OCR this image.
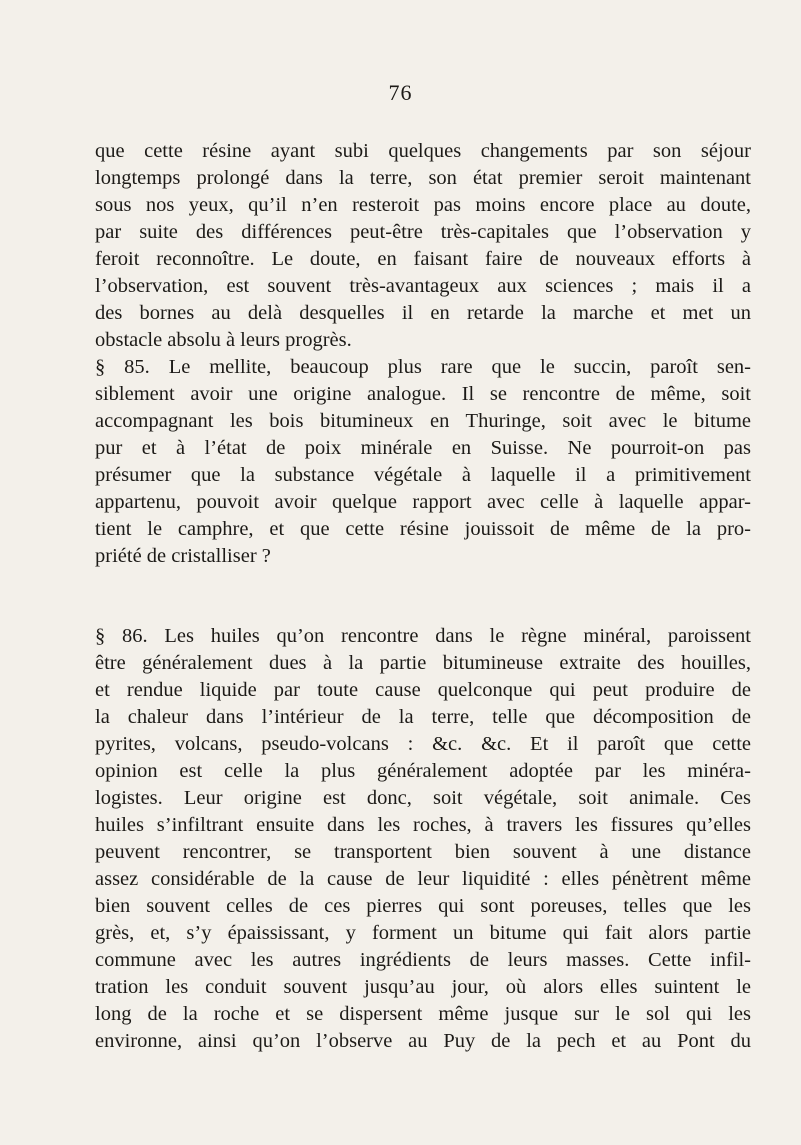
76
que cette résine ayant subi quelques changements par son séjour
longtemps prolongé dans la terre, son état premier seroit maintenant
sous nos yeux, qu’il n’en resteroit pas moins encore place au doute,
par suite des différences peut-être très-capitales que l’observation y
feroit reconnoître. Le doute, en faisant faire de nouveaux efforts à
l’observation, est souvent très-avantageux aux sciences ; mais il a
des bornes au delà desquelles il en retarde la marche et met un
obstacle absolu à leurs progrès.
§ 85. Le mellite, beaucoup plus rare que le succin, paroît sen-
siblement avoir une origine analogue. Il se rencontre de même, soit
accompagnant les bois bitumineux en Thuringe, soit avec le bitume
pur et à l’état de poix minérale en Suisse. Ne pourroit-on pas
présumer que la substance végétale à laquelle il a primitivement
appartenu, pouvoit avoir quelque rapport avec celle à laquelle appar-
tient le camphre, et que cette résine jouissoit de même de la pro-
priété de cristalliser ?
§ 86. Les huiles qu’on rencontre dans le règne minéral, paroissent
être généralement dues à la partie bitumineuse extraite des houilles,
et rendue liquide par toute cause quelconque qui peut produire de
la chaleur dans l’intérieur de la terre, telle que décomposition de
pyrites, volcans, pseudo-volcans : &c. &c. Et il paroît que cette
opinion est celle la plus généralement adoptée par les minéra-
logistes. Leur origine est donc, soit végétale, soit animale. Ces
huiles s’infiltrant ensuite dans les roches, à travers les fissures qu’elles
peuvent rencontrer, se transportent bien souvent à une distance
assez considérable de la cause de leur liquidité : elles pénètrent même
bien souvent celles de ces pierres qui sont poreuses, telles que les
grès, et, s’y épaississant, y forment un bitume qui fait alors partie
commune avec les autres ingrédients de leurs masses. Cette infil-
tration les conduit souvent jusqu’au jour, où alors elles suintent le
long de la roche et se dispersent même jusque sur le sol qui les
environne, ainsi qu’on l’observe au Puy de la pech et au Pont du
